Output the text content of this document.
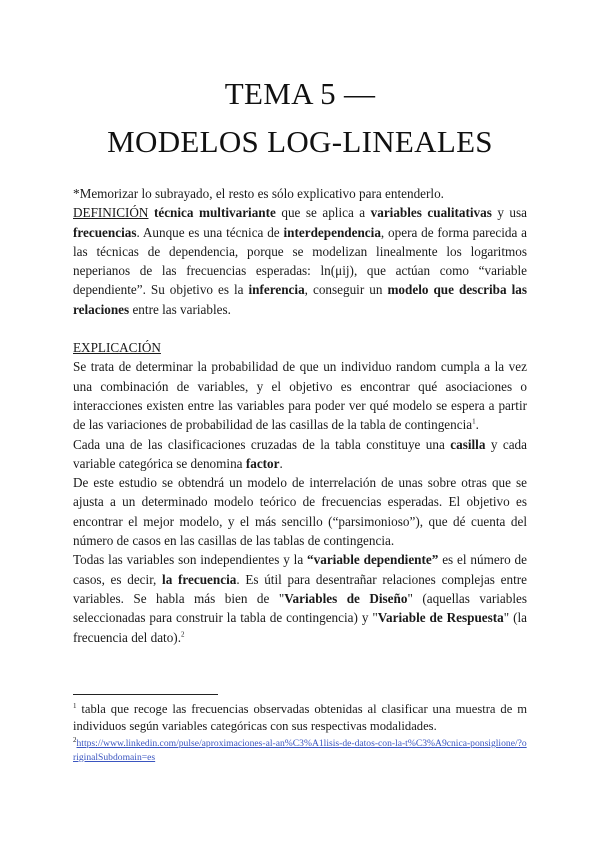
TEMA 5 —
MODELOS LOG-LINEALES

*Memorizar lo subrayado, el resto es sólo explicativo para entenderlo.

DEFINICIÓN técnica multivariante que se aplica a variables cualitativas y usa frecuencias. Aunque es una técnica de interdependencia, opera de forma parecida a las técnicas de dependencia, porque se modelizan linealmente los logaritmos neperianos de las frecuencias esperadas: ln(μij), que actúan como “variable dependiente”. Su objetivo es la inferencia, conseguir un modelo que describa las relaciones entre las variables.

EXPLICACIÓN

Se trata de determinar la probabilidad de que un individuo random cumpla a la vez una combinación de variables, y el objetivo es encontrar qué asociaciones o interacciones existen entre las variables para poder ver qué modelo se espera a partir de las variaciones de probabilidad de las casillas de la tabla de contingencia$^1$.

Cada una de las clasificaciones cruzadas de la tabla constituye una casilla y cada variable categórica se denomina factor.

De este estudio se obtendrá un modelo de interrelación de unas sobre otras que se ajusta a un determinado modelo teórico de frecuencias esperadas. El objetivo es encontrar el mejor modelo, y el más sencillo (“parsimonioso”), que dé cuenta del número de casos en las casillas de las tablas de contingencia.

Todas las variables son independientes y la “variable dependiente” es el número de casos, es decir, la frecuencia. Es útil para desentrañar relaciones complejas entre variables. Se habla más bien de "Variables de Diseño" (aquellas variables seleccionadas para construir la tabla de contingencia) y "Variable de Respuesta" (la frecuencia del dato).$^2$

$^1$ tabla que recoge las frecuencias observadas obtenidas al clasificar una muestra de m individuos según variables categóricas con sus respectivas modalidades.
$^2$https://www.linkedin.com/pulse/aproximaciones-al-an%C3%A1lisis-de-datos-con-la-t%C3%A9cnica-ponsiglione/?originalSubdomain=es
